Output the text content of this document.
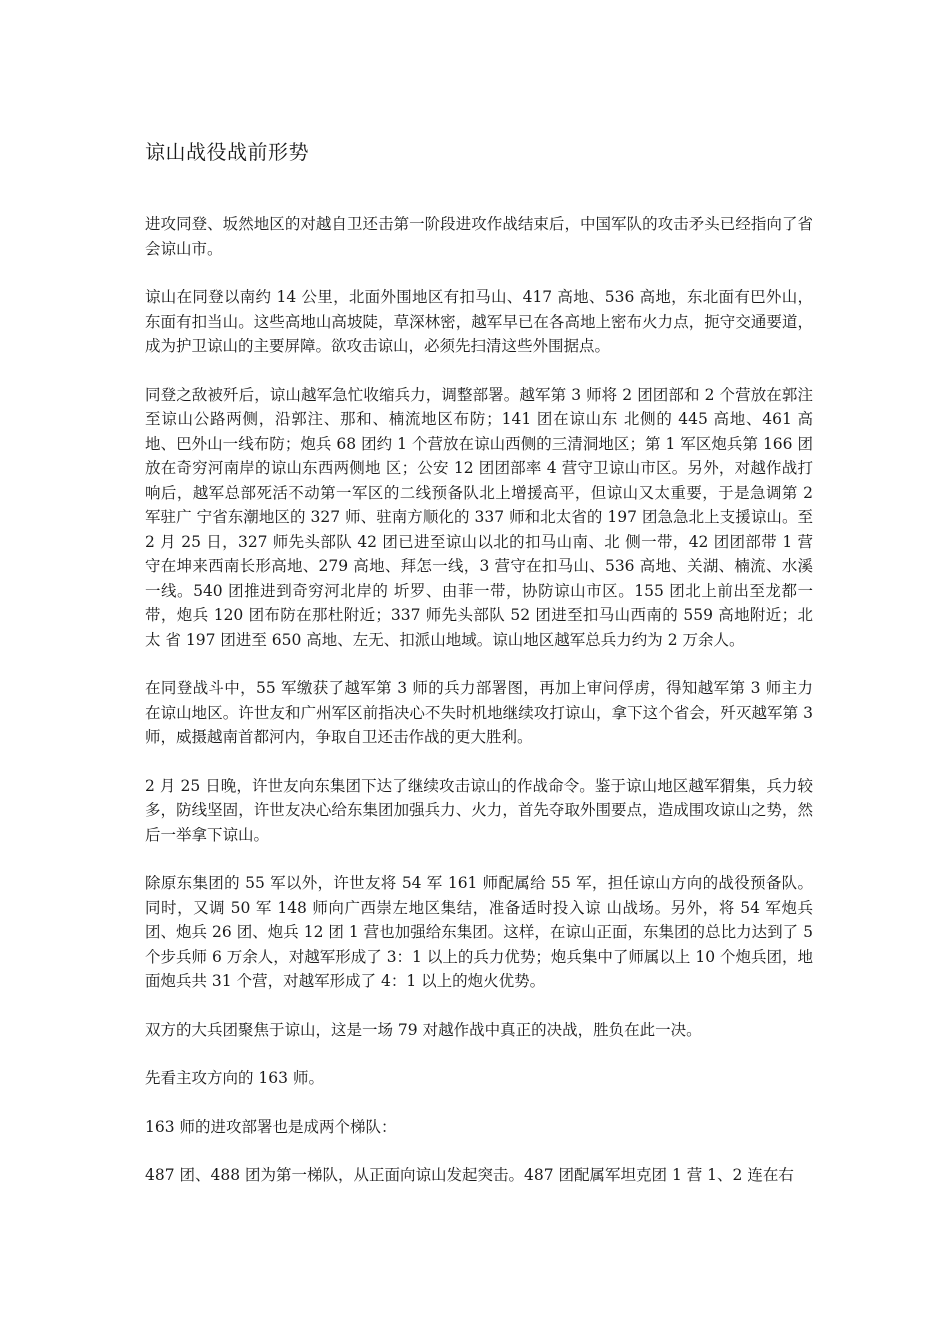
谅山战役战前形势

进攻同登、坂然地区的对越自卫还击第一阶段进攻作战结束后，中国军队的攻击矛头已经指向了省会谅山市。

谅山在同登以南约 14 公里，北面外围地区有扣马山、417 高地、536 高地，东北面有巴外山，东面有扣当山。这些高地山高坡陡，草深林密，越军早已在各高地上密布火力点，扼守交通要道，成为护卫谅山的主要屏障。欲攻击谅山，必须先扫清这些外围据点。

同登之敌被歼后，谅山越军急忙收缩兵力，调整部署。越军第 3 师将 2 团团部和 2 个营放在郭注至谅山公路两侧，沿郭注、那和、楠流地区布防；141 团在谅山东 北侧的 445 高地、461 高地、巴外山一线布防；炮兵 68 团约 1 个营放在谅山西侧的三清洞地区；第 1 军区炮兵第 166 团放在奇穷河南岸的谅山东西两侧地 区；公安 12 团团部率 4 营守卫谅山市区。另外，对越作战打响后，越军总部死活不动第一军区的二线预备队北上增援高平，但谅山又太重要，于是急调第 2 军驻广 宁省东潮地区的 327 师、驻南方顺化的 337 师和北太省的 197 团急急北上支援谅山。至 2 月 25 日，327 师先头部队 42 团已进至谅山以北的扣马山南、北 侧一带，42 团团部带 1 营守在坤来西南长形高地、279 高地、拜怎一线，3 营守在扣马山、536 高地、关湖、楠流、水溪一线。540 团推进到奇穷河北岸的 圻罗、由菲一带，协防谅山市区。155 团北上前出至龙都一带，炮兵 120 团布防在那杜附近；337 师先头部队 52 团进至扣马山西南的 559 高地附近；北太 省 197 团进至 650 高地、左无、扣派山地域。谅山地区越军总兵力约为 2 万余人。

在同登战斗中，55 军缴获了越军第 3 师的兵力部署图，再加上审问俘虏，得知越军第 3 师主力在谅山地区。许世友和广州军区前指决心不失时机地继续攻打谅山，拿下这个省会，歼灭越军第 3 师，威摄越南首都河内，争取自卫还击作战的更大胜利。

2 月 25 日晚，许世友向东集团下达了继续攻击谅山的作战命令。鉴于谅山地区越军猬集，兵力较多，防线坚固，许世友决心给东集团加强兵力、火力，首先夺取外围要点，造成围攻谅山之势，然后一举拿下谅山。

除原东集团的 55 军以外，许世友将 54 军 161 师配属给 55 军，担任谅山方向的战役预备队。同时，又调 50 军 148 师向广西崇左地区集结，准备适时投入谅 山战场。另外，将 54 军炮兵团、炮兵 26 团、炮兵 12 团 1 营也加强给东集团。这样，在谅山正面，东集团的总比力达到了 5 个步兵师 6 万余人，对越军形成了 3：1 以上的兵力优势；炮兵集中了师属以上 10 个炮兵团，地面炮兵共 31 个营，对越军形成了 4：1 以上的炮火优势。

双方的大兵团聚焦于谅山，这是一场 79 对越作战中真正的决战，胜负在此一决。

先看主攻方向的 163 师。

163 师的进攻部署也是成两个梯队：

487 团、488 团为第一梯队，从正面向谅山发起突击。487 团配属军坦克团 1 营 1、2 连在右
